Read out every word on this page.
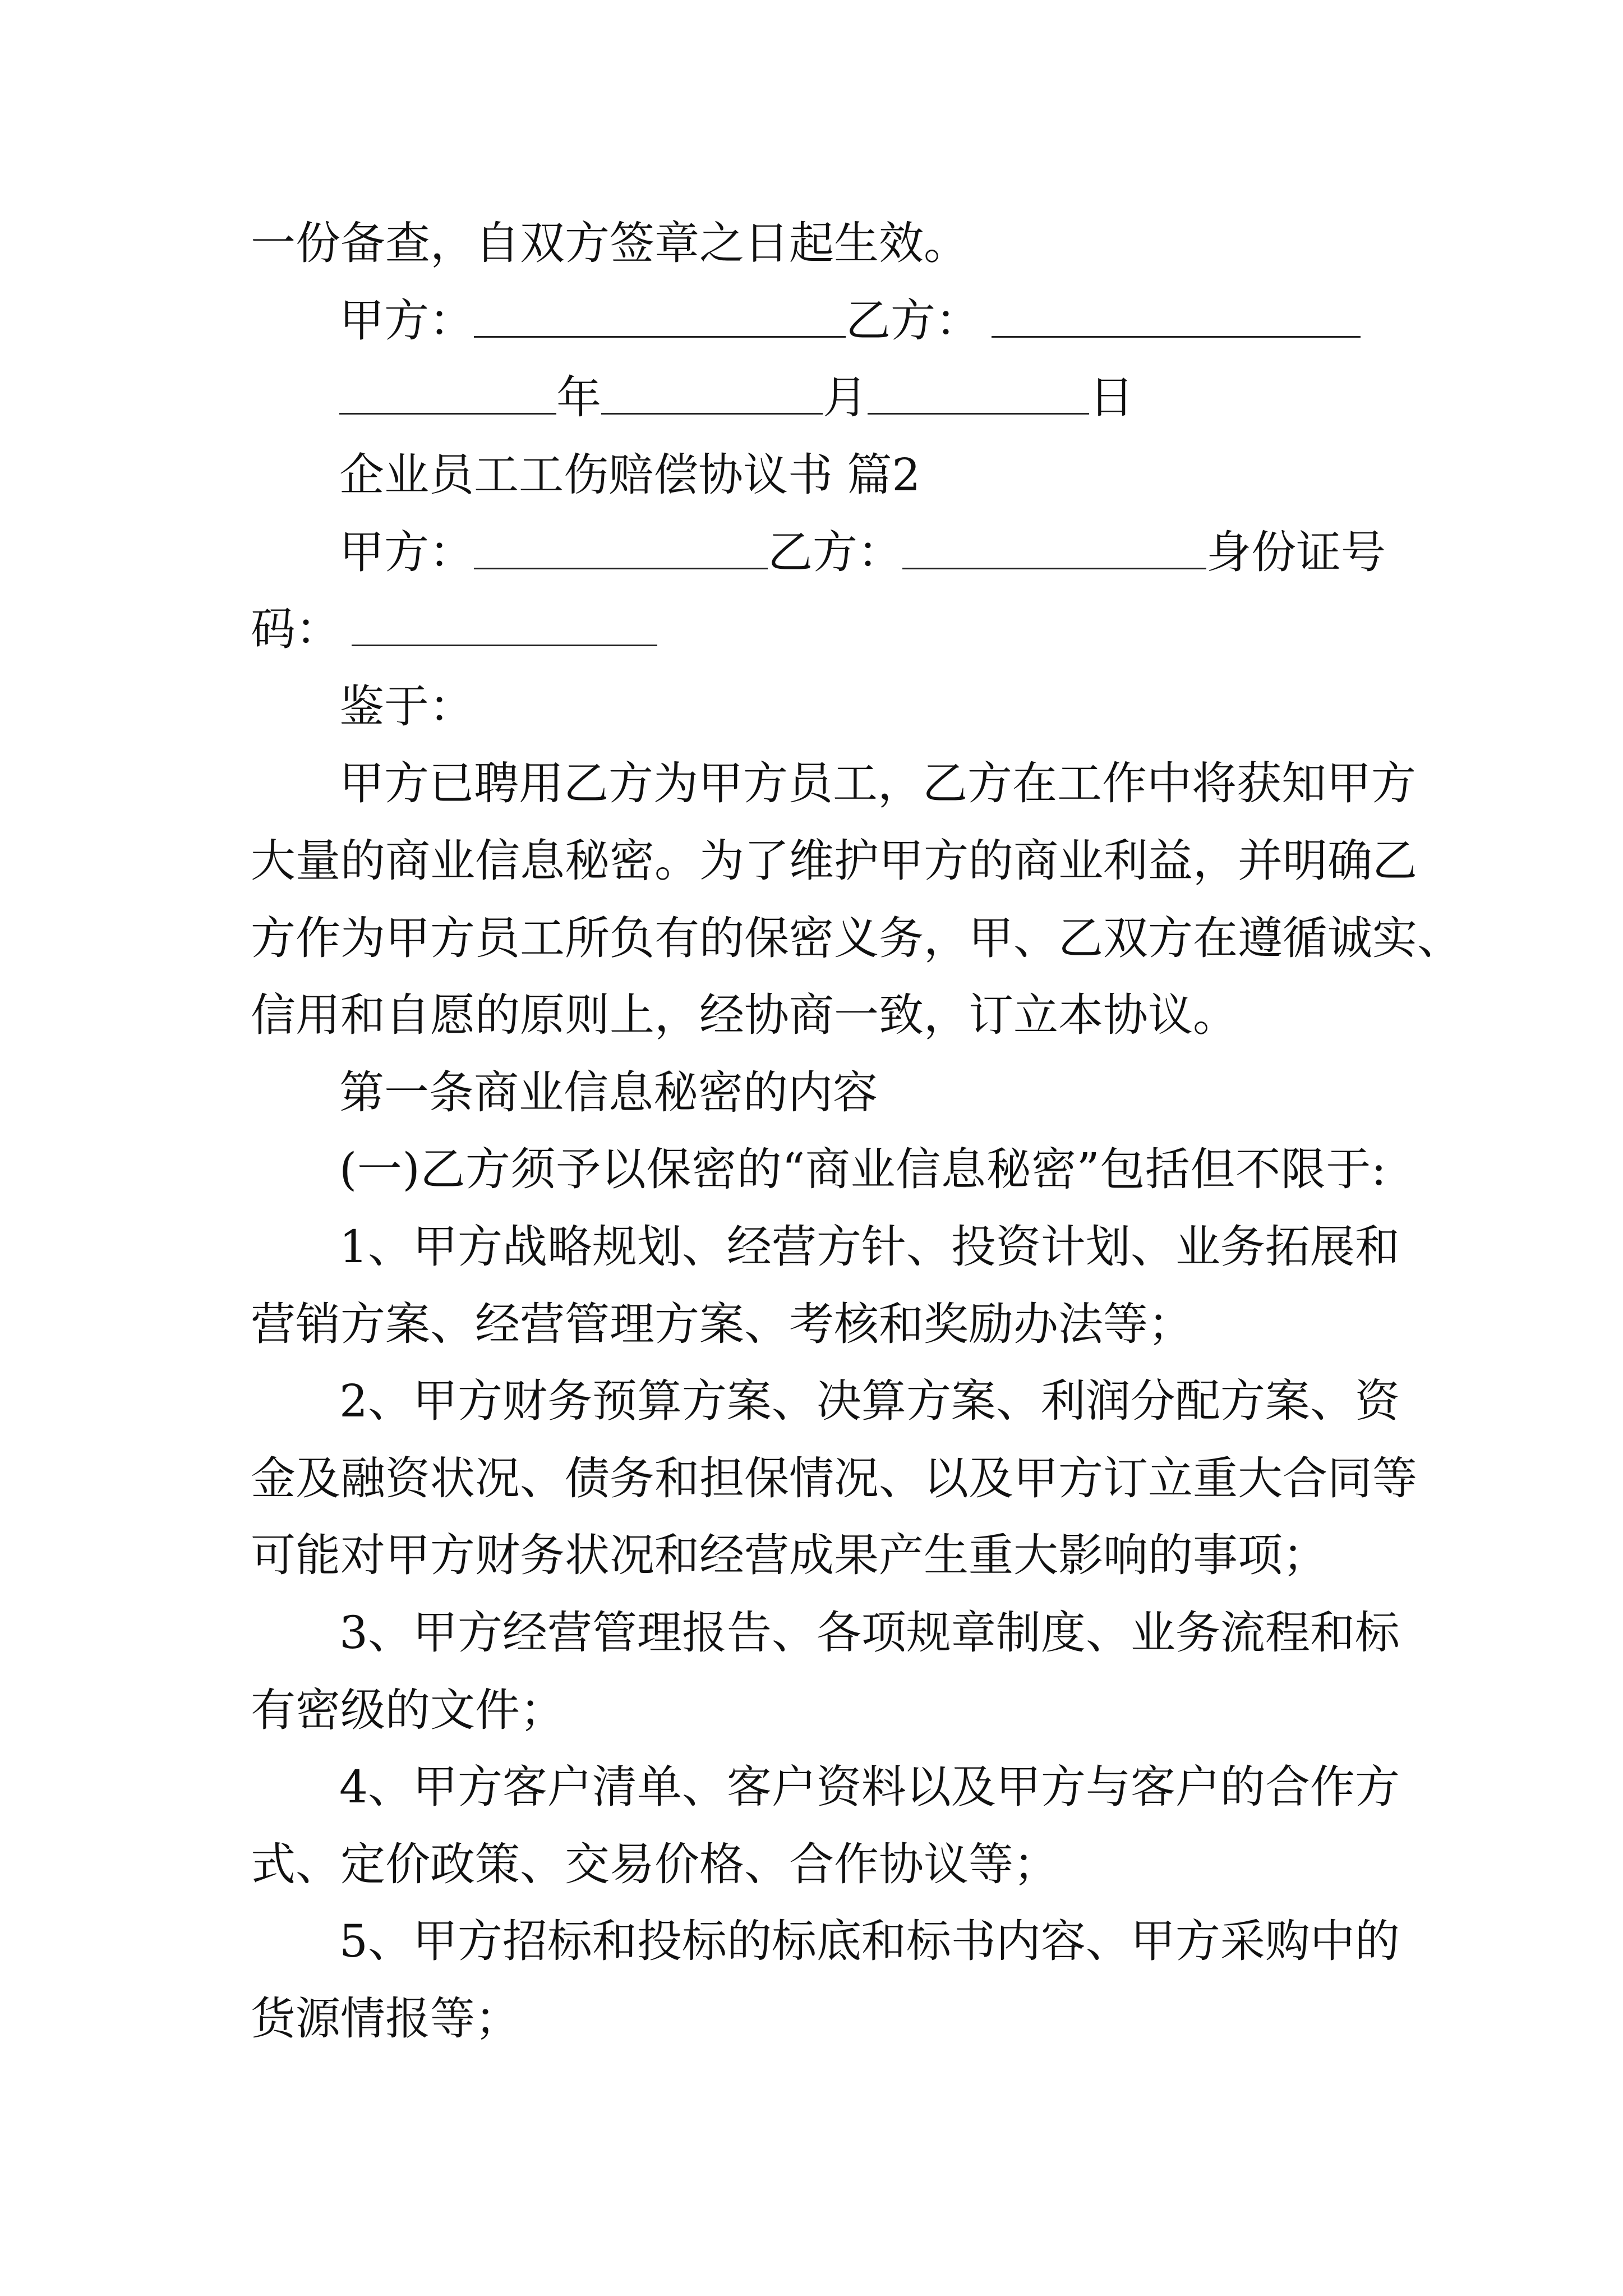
一份备查，自双方签章之日起生效。
甲方：	乙方：
年	月	日
企业员工工伤赔偿协议书 篇2
甲方：	乙方：	身份证号
码：
鉴于：
甲方已聘用乙方为甲方员工，乙方在工作中将获知甲方
大量的商业信息秘密。为了维护甲方的商业利益，并明确乙
方作为甲方员工所负有的保密义务，甲、乙双方在遵循诚实、
信用和自愿的原则上，经协商一致，订立本协议。
第一条商业信息秘密的内容
(一)乙方须予以保密的“商业信息秘密”包括但不限于:
1、甲方战略规划、经营方针、投资计划、业务拓展和
营销方案、经营管理方案、考核和奖励办法等；
2、甲方财务预算方案、决算方案、利润分配方案、资
金及融资状况、债务和担保情况、以及甲方订立重大合同等
可能对甲方财务状况和经营成果产生重大影响的事项；
3、甲方经营管理报告、各项规章制度、业务流程和标
有密级的文件；
4、甲方客户清单、客户资料以及甲方与客户的合作方
式、定价政策、交易价格、合作协议等；
5、甲方招标和投标的标底和标书内容、甲方采购中的
货源情报等；
